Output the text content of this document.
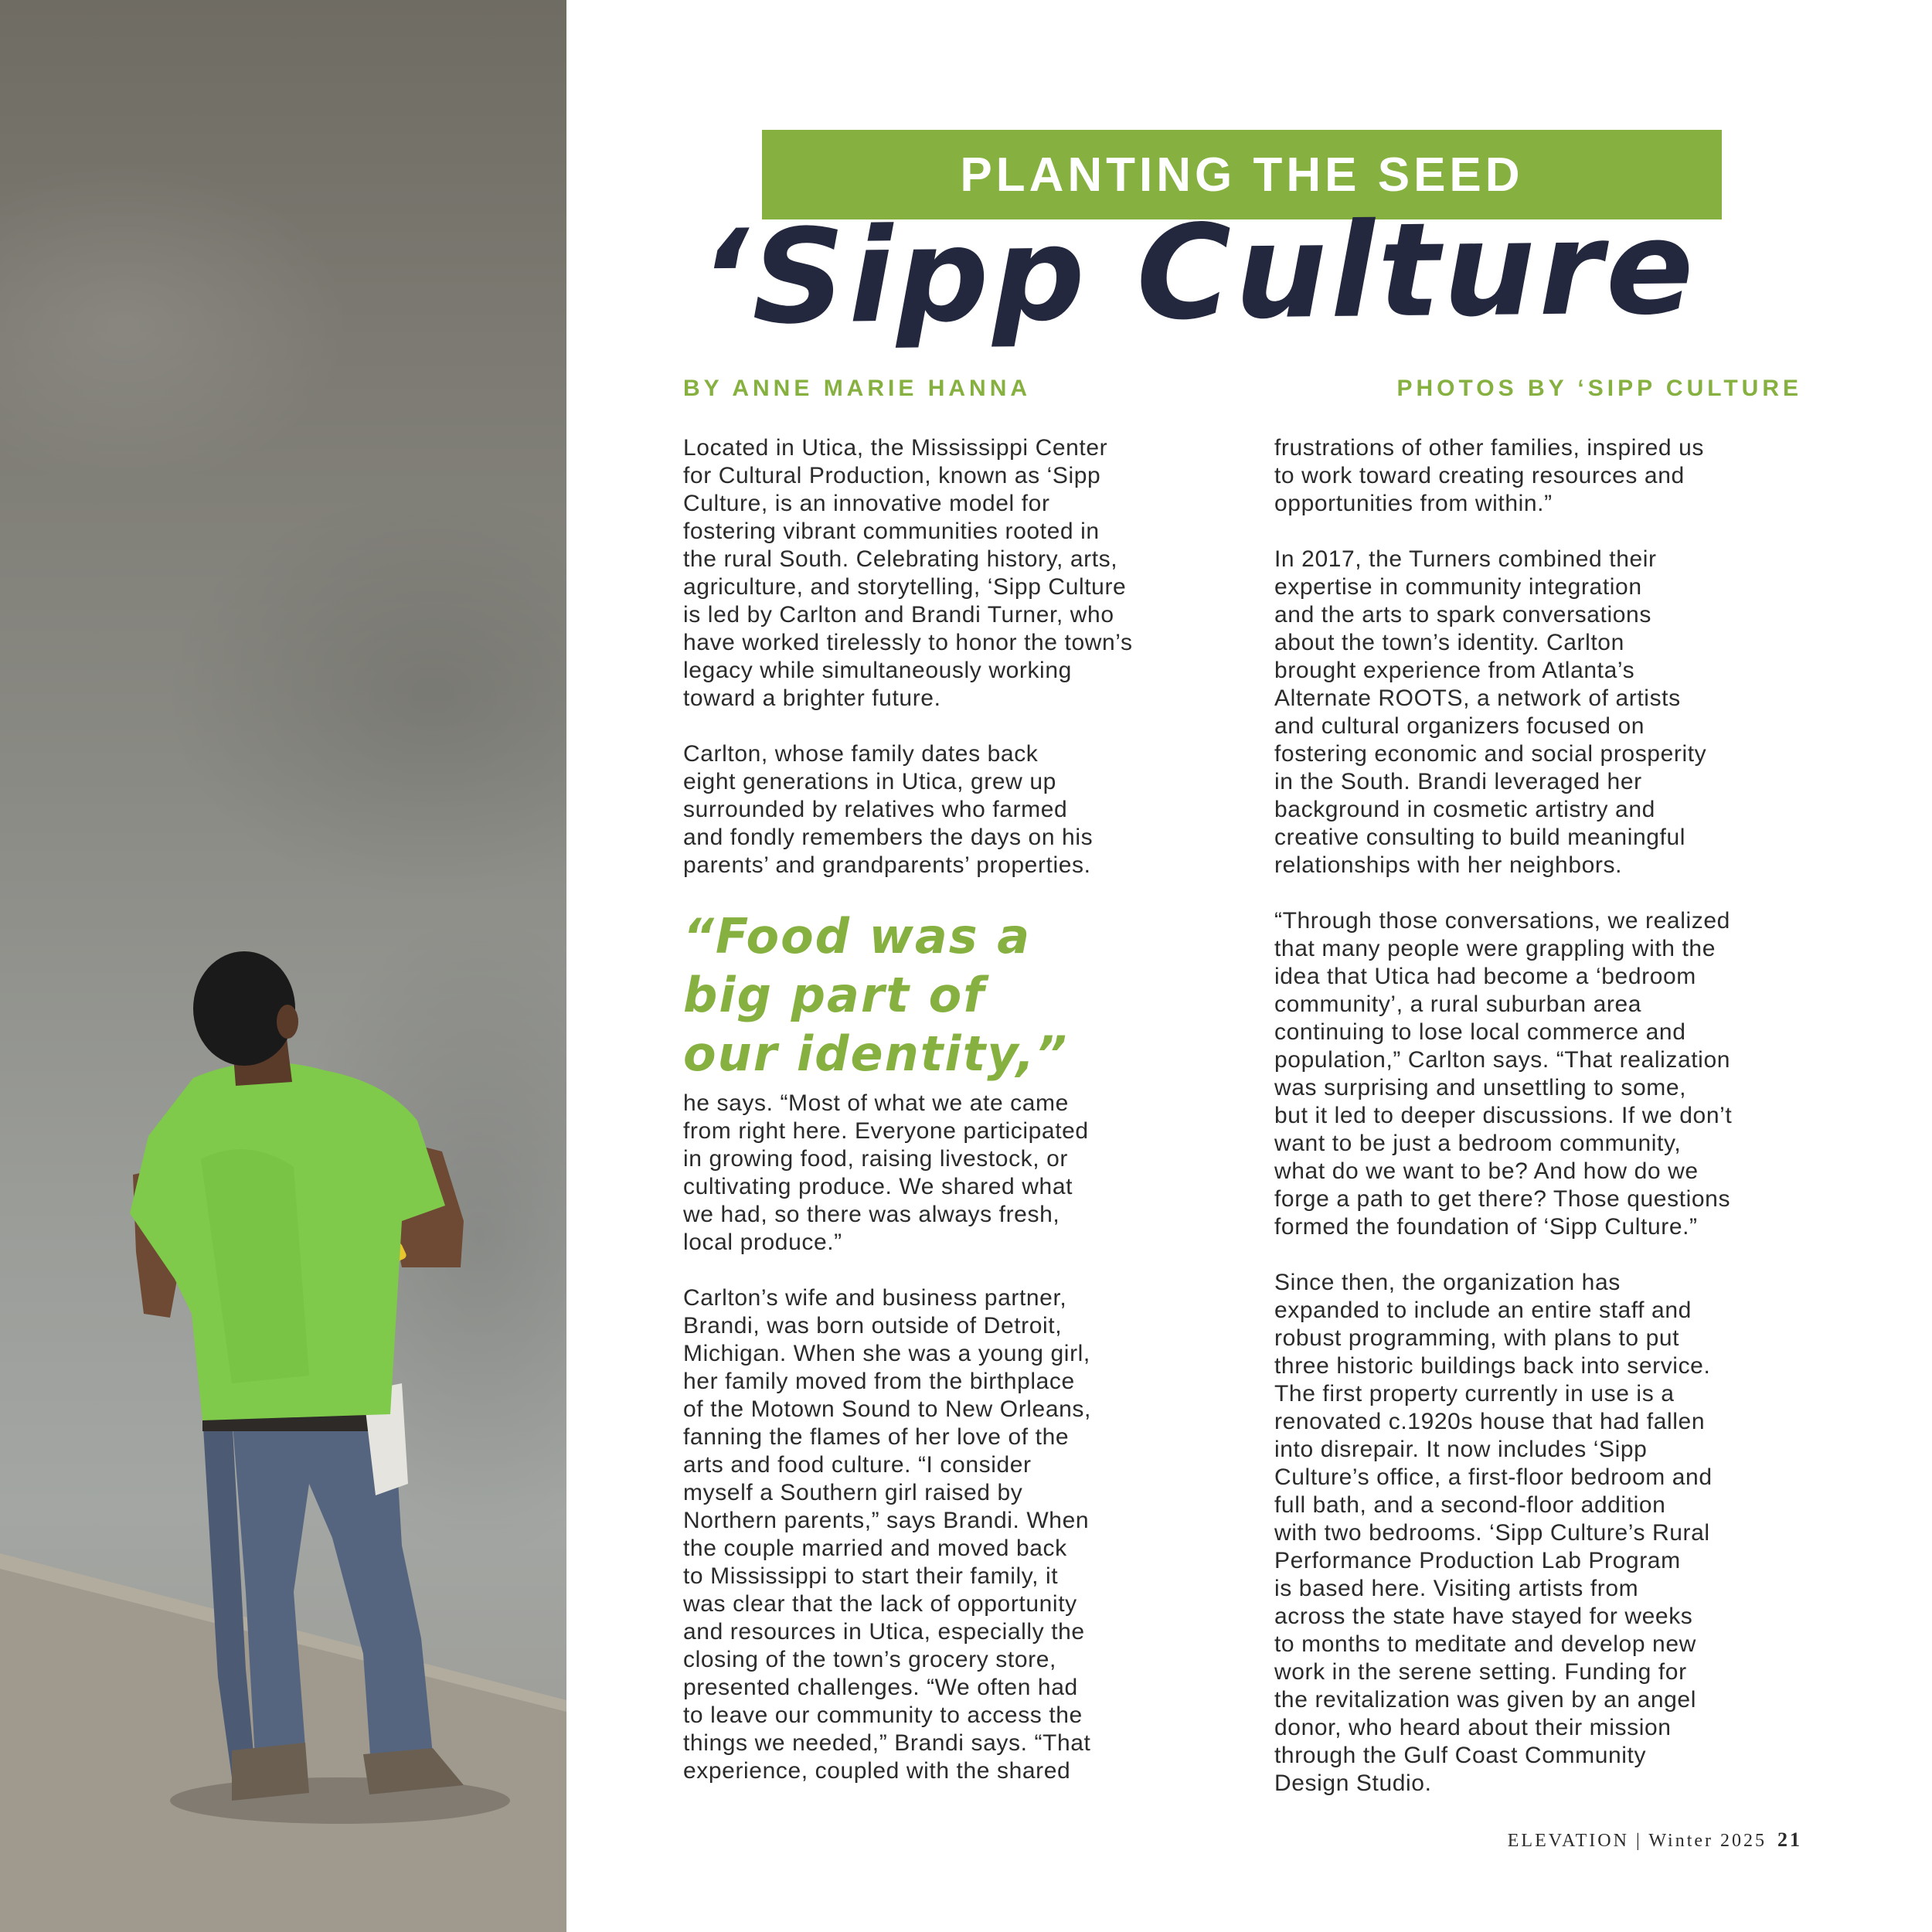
PLANTING THE SEED
‘Sipp Culture
BY ANNE MARIE HANNA	PHOTOS BY ‘SIPP CULTURE

Located in Utica, the Mississippi Center
for Cultural Production, known as ‘Sipp
Culture, is an innovative model for
fostering vibrant communities rooted in
the rural South. Celebrating history, arts,
agriculture, and storytelling, ‘Sipp Culture
is led by Carlton and Brandi Turner, who
have worked tirelessly to honor the town’s
legacy while simultaneously working
toward a brighter future.

Carlton, whose family dates back
eight generations in Utica, grew up
surrounded by relatives who farmed
and fondly remembers the days on his
parents’ and grandparents’ properties.

“Food was a
big part of
our identity,”

he says. “Most of what we ate came
from right here. Everyone participated
in growing food, raising livestock, or
cultivating produce. We shared what
we had, so there was always fresh,
local produce.”

Carlton’s wife and business partner,
Brandi, was born outside of Detroit,
Michigan. When she was a young girl,
her family moved from the birthplace
of the Motown Sound to New Orleans,
fanning the flames of her love of the
arts and food culture. “I consider
myself a Southern girl raised by
Northern parents,” says Brandi. When
the couple married and moved back
to Mississippi to start their family, it
was clear that the lack of opportunity
and resources in Utica, especially the
closing of the town’s grocery store,
presented challenges. “We often had
to leave our community to access the
things we needed,” Brandi says. “That
experience, coupled with the shared

frustrations of other families, inspired us
to work toward creating resources and
opportunities from within.”

In 2017, the Turners combined their
expertise in community integration
and the arts to spark conversations
about the town’s identity. Carlton
brought experience from Atlanta’s
Alternate ROOTS, a network of artists
and cultural organizers focused on
fostering economic and social prosperity
in the South. Brandi leveraged her
background in cosmetic artistry and
creative consulting to build meaningful
relationships with her neighbors.

“Through those conversations, we realized
that many people were grappling with the
idea that Utica had become a ‘bedroom
community’, a rural suburban area
continuing to lose local commerce and
population,” Carlton says. “That realization
was surprising and unsettling to some,
but it led to deeper discussions. If we don’t
want to be just a bedroom community,
what do we want to be? And how do we
forge a path to get there? Those questions
formed the foundation of ‘Sipp Culture.”

Since then, the organization has
expanded to include an entire staff and
robust programming, with plans to put
three historic buildings back into service.
The first property currently in use is a
renovated c.1920s house that had fallen
into disrepair. It now includes ‘Sipp
Culture’s office, a first-floor bedroom and
full bath, and a second-floor addition
with two bedrooms. ‘Sipp Culture’s Rural
Performance Production Lab Program
is based here. Visiting artists from
across the state have stayed for weeks
to months to meditate and develop new
work in the serene setting. Funding for
the revitalization was given by an angel
donor, who heard about their mission
through the Gulf Coast Community
Design Studio.

ELEVATION | Winter 2025 21
